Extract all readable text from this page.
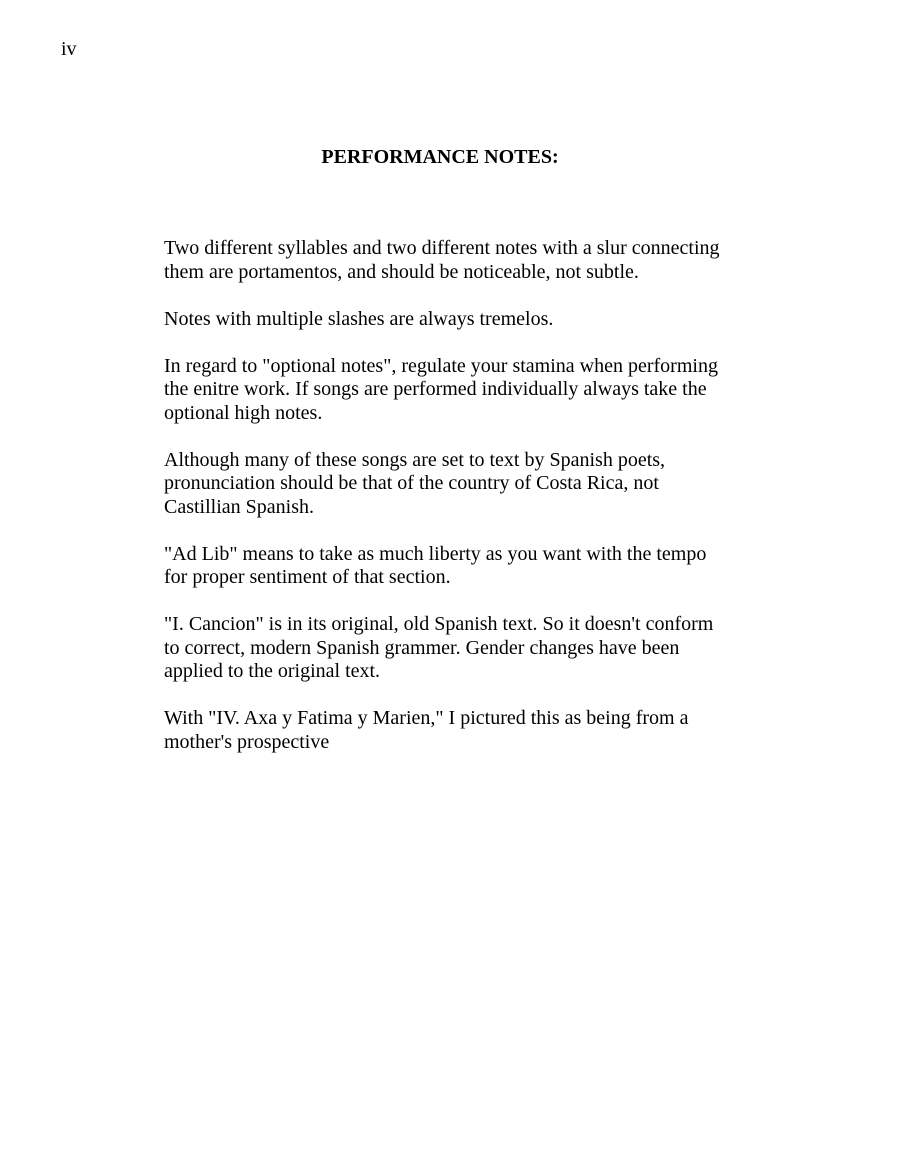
iv
PERFORMANCE NOTES:

Two different syllables and two different notes with a slur connecting
them are portamentos, and should be noticeable, not subtle.

Notes with multiple slashes are always tremelos.

In regard to "optional notes", regulate your stamina when performing
the enitre work. If songs are performed individually always take the
optional high notes.

Although many of these songs are set to text by Spanish poets,
pronunciation should be that of the country of Costa Rica, not
Castillian Spanish.

"Ad Lib" means to take as much liberty as you want with the tempo
for proper sentiment of that section.

"I. Cancion" is in its original, old Spanish text. So it doesn't conform
to correct, modern Spanish grammer. Gender changes have been
applied to the original text.

With "IV. Axa y Fatima y Marien," I pictured this as being from a
mother's prospective
